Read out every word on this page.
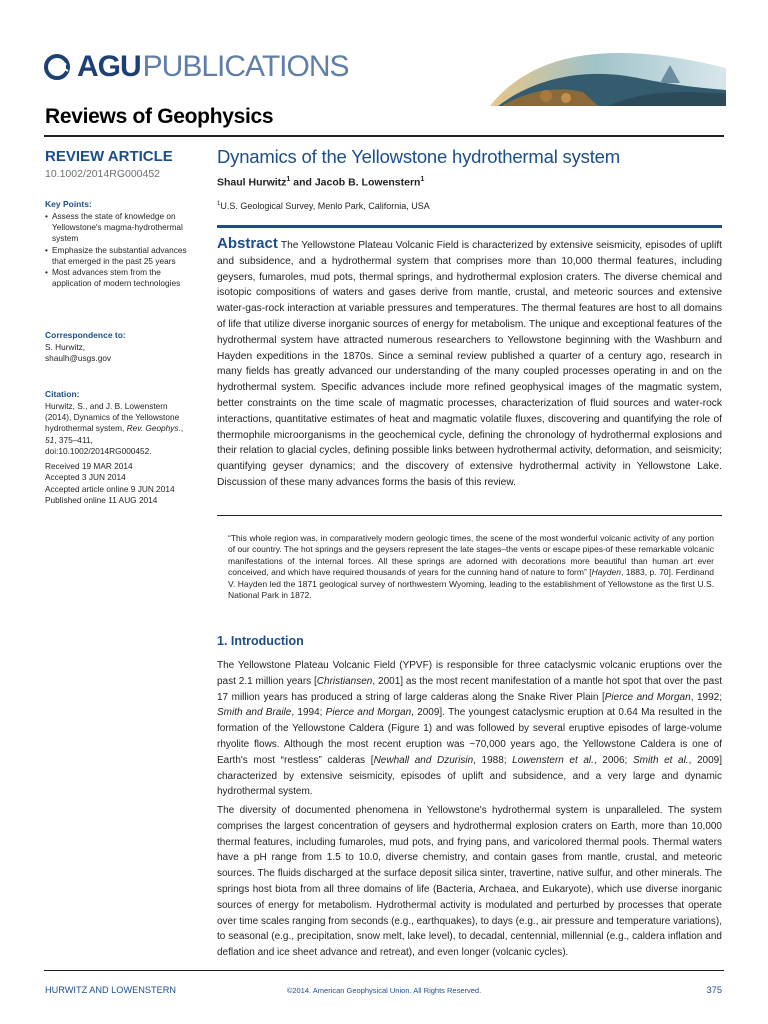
AGU PUBLICATIONS
Reviews of Geophysics
REVIEW ARTICLE
10.1002/2014RG000452
Key Points:
• Assess the state of knowledge on Yellowstone's magma-hydrothermal system
• Emphasize the substantial advances that emerged in the past 25 years
• Most advances stem from the application of modern technologies
Correspondence to:
S. Hurwitz,
shaulh@usgs.gov
Citation:
Hurwitz, S., and J. B. Lowenstern (2014), Dynamics of the Yellowstone hydrothermal system, Rev. Geophys., 51, 375–411, doi:10.1002/2014RG000452.
Received 19 MAR 2014
Accepted 3 JUN 2014
Accepted article online 9 JUN 2014
Published online 11 AUG 2014
Dynamics of the Yellowstone hydrothermal system
Shaul Hurwitz$^1$ and Jacob B. Lowenstern$^1$
$^1$U.S. Geological Survey, Menlo Park, California, USA
Abstract The Yellowstone Plateau Volcanic Field is characterized by extensive seismicity, episodes of uplift and subsidence, and a hydrothermal system that comprises more than 10,000 thermal features, including geysers, fumaroles, mud pots, thermal springs, and hydrothermal explosion craters. The diverse chemical and isotopic compositions of waters and gases derive from mantle, crustal, and meteoric sources and extensive water-gas-rock interaction at variable pressures and temperatures. The thermal features are host to all domains of life that utilize diverse inorganic sources of energy for metabolism. The unique and exceptional features of the hydrothermal system have attracted numerous researchers to Yellowstone beginning with the Washburn and Hayden expeditions in the 1870s. Since a seminal review published a quarter of a century ago, research in many fields has greatly advanced our understanding of the many coupled processes operating in and on the hydrothermal system. Specific advances include more refined geophysical images of the magmatic system, better constraints on the time scale of magmatic processes, characterization of fluid sources and water-rock interactions, quantitative estimates of heat and magmatic volatile fluxes, discovering and quantifying the role of thermophile microorganisms in the geochemical cycle, defining the chronology of hydrothermal explosions and their relation to glacial cycles, defining possible links between hydrothermal activity, deformation, and seismicity; quantifying geyser dynamics; and the discovery of extensive hydrothermal activity in Yellowstone Lake. Discussion of these many advances forms the basis of this review.
“This whole region was, in comparatively modern geologic times, the scene of the most wonderful volcanic activity of any portion of our country. The hot springs and the geysers represent the late stages–the vents or escape pipes-of these remarkable volcanic manifestations of the internal forces. All these springs are adorned with decorations more beautiful than human art ever conceived, and which have required thousands of years for the cunning hand of nature to form” [Hayden, 1883, p. 70]. Ferdinand V. Hayden led the 1871 geological survey of northwestern Wyoming, leading to the establishment of Yellowstone as the first U.S. National Park in 1872.
1. Introduction

The Yellowstone Plateau Volcanic Field (YPVF) is responsible for three cataclysmic volcanic eruptions over the past 2.1 million years [Christiansen, 2001] as the most recent manifestation of a mantle hot spot that over the past 17 million years has produced a string of large calderas along the Snake River Plain [Pierce and Morgan, 1992; Smith and Braile, 1994; Pierce and Morgan, 2009]. The youngest cataclysmic eruption at 0.64 Ma resulted in the formation of the Yellowstone Caldera (Figure 1) and was followed by several eruptive episodes of large-volume rhyolite flows. Although the most recent eruption was ~70,000 years ago, the Yellowstone Caldera is one of Earth's most “restless” calderas [Newhall and Dzurisin, 1988; Lowenstern et al., 2006; Smith et al., 2009] characterized by extensive seismicity, episodes of uplift and subsidence, and a very large and dynamic hydrothermal system.

The diversity of documented phenomena in Yellowstone's hydrothermal system is unparalleled. The system comprises the largest concentration of geysers and hydrothermal explosion craters on Earth, more than 10,000 thermal features, including fumaroles, mud pots, and frying pans, and varicolored thermal pools. Thermal waters have a pH range from 1.5 to 10.0, diverse chemistry, and contain gases from mantle, crustal, and meteoric sources. The fluids discharged at the surface deposit silica sinter, travertine, native sulfur, and other minerals. The springs host biota from all three domains of life (Bacteria, Archaea, and Eukaryote), which use diverse inorganic sources of energy for metabolism. Hydrothermal activity is modulated and perturbed by processes that operate over time scales ranging from seconds (e.g., earthquakes), to days (e.g., air pressure and temperature variations), to seasonal (e.g., precipitation, snow melt, lake level), to decadal, centennial, millennial (e.g., caldera inflation and deflation and ice sheet advance and retreat), and even longer (volcanic cycles).

HURWITZ AND LOWENSTERN	©2014. American Geophysical Union. All Rights Reserved.	375
